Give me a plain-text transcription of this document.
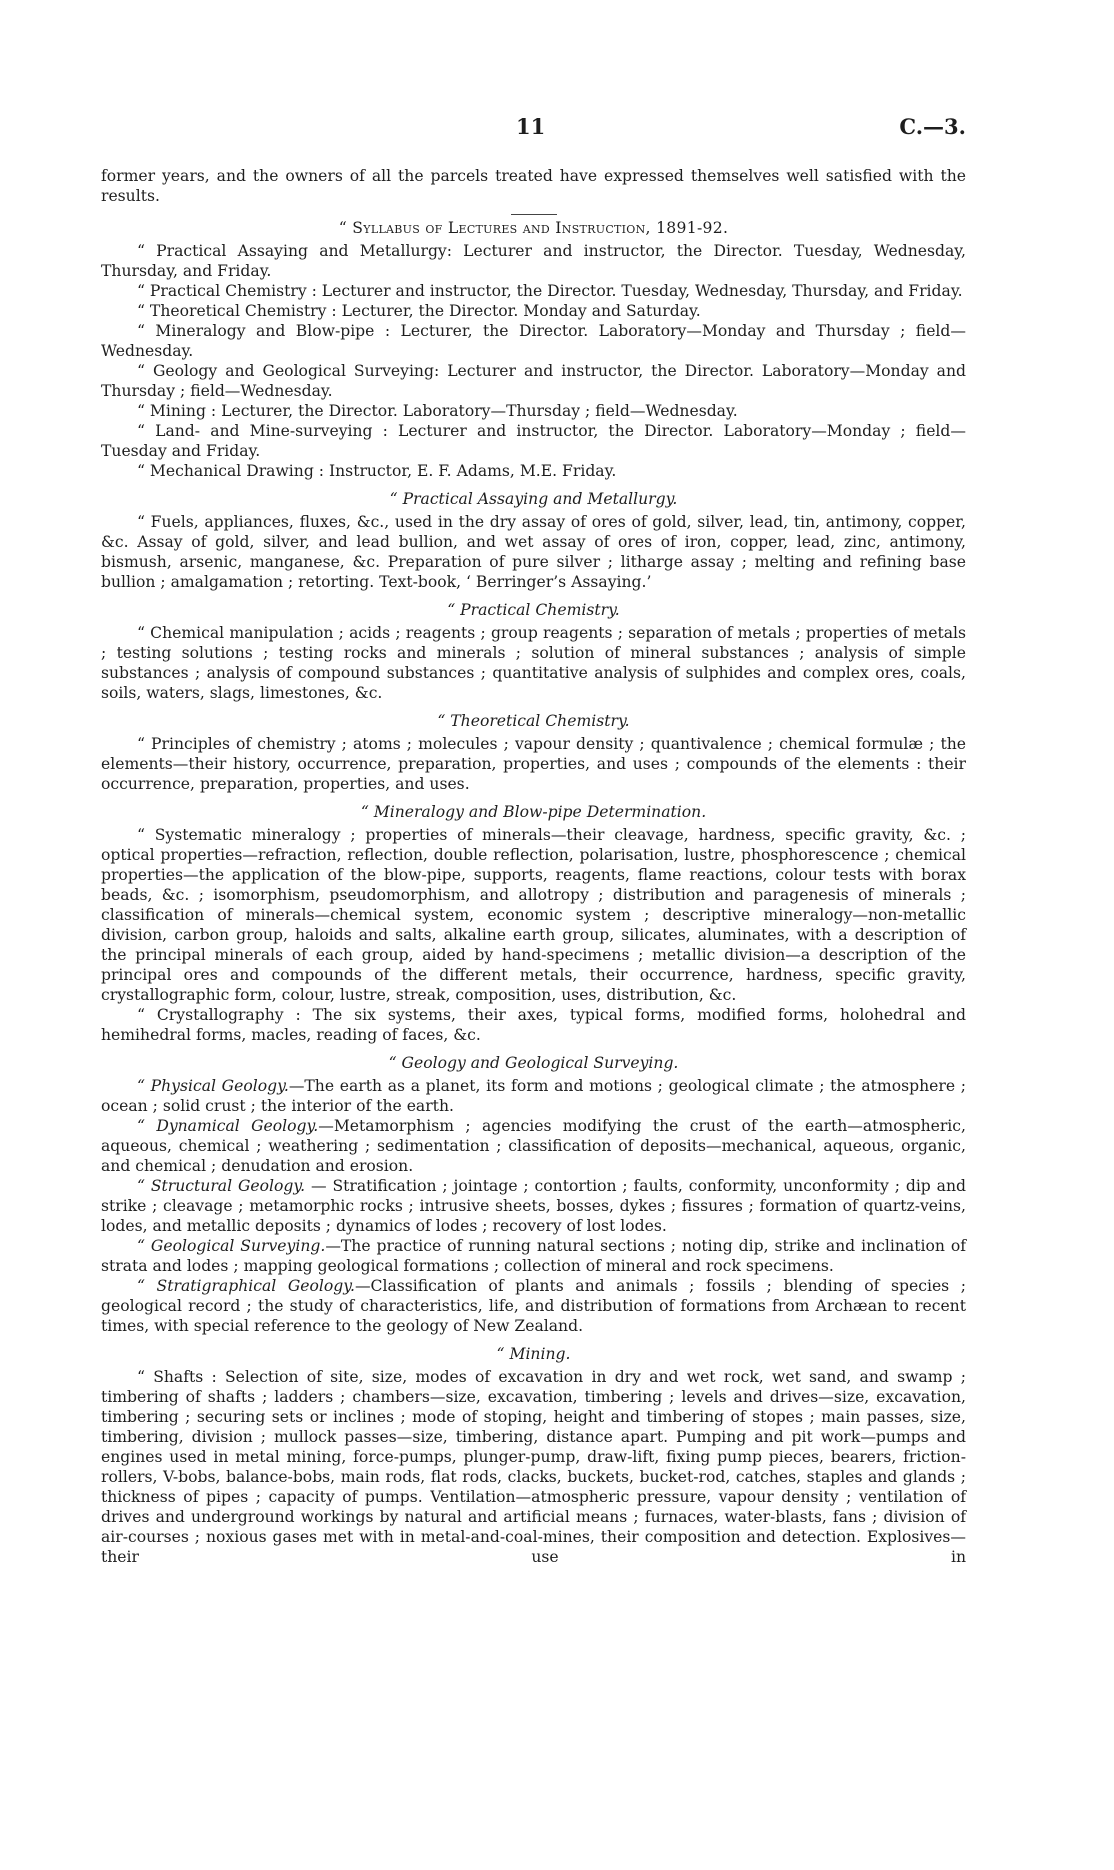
11	C.—3.

former years, and the owners of all the parcels treated have expressed themselves well satisfied with the results.

“ Syllabus of Lectures and Instruction, 1891-92.

“ Practical Assaying and Metallurgy: Lecturer and instructor, the Director. Tuesday, Wednesday, Thursday, and Friday.

“ Practical Chemistry : Lecturer and instructor, the Director. Tuesday, Wednesday, Thursday, and Friday.

“ Theoretical Chemistry : Lecturer, the Director. Monday and Saturday.

“ Mineralogy and Blow-pipe : Lecturer, the Director. Laboratory—Monday and Thursday ; field—Wednesday.

“ Geology and Geological Surveying: Lecturer and instructor, the Director. Laboratory—Monday and Thursday ; field—Wednesday.

“ Mining : Lecturer, the Director. Laboratory—Thursday ; field—Wednesday.

“ Land- and Mine-surveying : Lecturer and instructor, the Director. Laboratory—Monday ; field—Tuesday and Friday.

“ Mechanical Drawing : Instructor, E. F. Adams, M.E. Friday.

“ Practical Assaying and Metallurgy.

“ Fuels, appliances, fluxes, &c., used in the dry assay of ores of gold, silver, lead, tin, antimony, copper, &c. Assay of gold, silver, and lead bullion, and wet assay of ores of iron, copper, lead, zinc, antimony, bismush, arsenic, manganese, &c. Preparation of pure silver ; litharge assay ; melting and refining base bullion ; amalgamation ; retorting. Text-book, ‘ Berringer’s Assaying.’

“ Practical Chemistry.

“ Chemical manipulation ; acids ; reagents ; group reagents ; separation of metals ; properties of metals ; testing solutions ; testing rocks and minerals ; solution of mineral substances ; analysis of simple substances ; analysis of compound substances ; quantitative analysis of sulphides and complex ores, coals, soils, waters, slags, limestones, &c.

“ Theoretical Chemistry.

“ Principles of chemistry ; atoms ; molecules ; vapour density ; quantivalence ; chemical formulæ ; the elements—their history, occurrence, preparation, properties, and uses ; compounds of the elements : their occurrence, preparation, properties, and uses.

“ Mineralogy and Blow-pipe Determination.

“ Systematic mineralogy ; properties of minerals—their cleavage, hardness, specific gravity, &c. ; optical properties—refraction, reflection, double reflection, polarisation, lustre, phosphorescence ; chemical properties—the application of the blow-pipe, supports, reagents, flame reactions, colour tests with borax beads, &c. ; isomorphism, pseudomorphism, and allotropy ; distribution and paragenesis of minerals ; classification of minerals—chemical system, economic system ; descriptive mineralogy—non-metallic division, carbon group, haloids and salts, alkaline earth group, silicates, aluminates, with a description of the principal minerals of each group, aided by hand-specimens ; metallic division—a description of the principal ores and compounds of the different metals, their occurrence, hardness, specific gravity, crystallographic form, colour, lustre, streak, composition, uses, distribution, &c.

“ Crystallography : The six systems, their axes, typical forms, modified forms, holohedral and hemihedral forms, macles, reading of faces, &c.

“ Geology and Geological Surveying.

“ Physical Geology.—The earth as a planet, its form and motions ; geological climate ; the atmosphere ; ocean ; solid crust ; the interior of the earth.

“ Dynamical Geology.—Metamorphism ; agencies modifying the crust of the earth—atmospheric, aqueous, chemical ; weathering ; sedimentation ; classification of deposits—mechanical, aqueous, organic, and chemical ; denudation and erosion.

“ Structural Geology. — Stratification ; jointage ; contortion ; faults, conformity, unconformity ; dip and strike ; cleavage ; metamorphic rocks ; intrusive sheets, bosses, dykes ; fissures ; formation of quartz-veins, lodes, and metallic deposits ; dynamics of lodes ; recovery of lost lodes.

“ Geological Surveying.—The practice of running natural sections ; noting dip, strike and inclination of strata and lodes ; mapping geological formations ; collection of mineral and rock specimens.

“ Stratigraphical Geology.—Classification of plants and animals ; fossils ; blending of species ; geological record ; the study of characteristics, life, and distribution of formations from Archæan to recent times, with special reference to the geology of New Zealand.

“ Mining.

“ Shafts : Selection of site, size, modes of excavation in dry and wet rock, wet sand, and swamp ; timbering of shafts ; ladders ; chambers—size, excavation, timbering ; levels and drives—size, excavation, timbering ; securing sets or inclines ; mode of stoping, height and timbering of stopes ; main passes, size, timbering, division ; mullock passes—size, timbering, distance apart. Pumping and pit work—pumps and engines used in metal mining, force-pumps, plunger-pump, draw-lift, fixing pump pieces, bearers, friction-rollers, V-bobs, balance-bobs, main rods, flat rods, clacks, buckets, bucket-rod, catches, staples and glands ; thickness of pipes ; capacity of pumps. Ventilation—atmospheric pressure, vapour density ; ventilation of drives and underground workings by natural and artificial means ; furnaces, water-blasts, fans ; division of air-courses ; noxious gases met with in metal-and-coal-mines, their composition and detection. Explosives—their use in
